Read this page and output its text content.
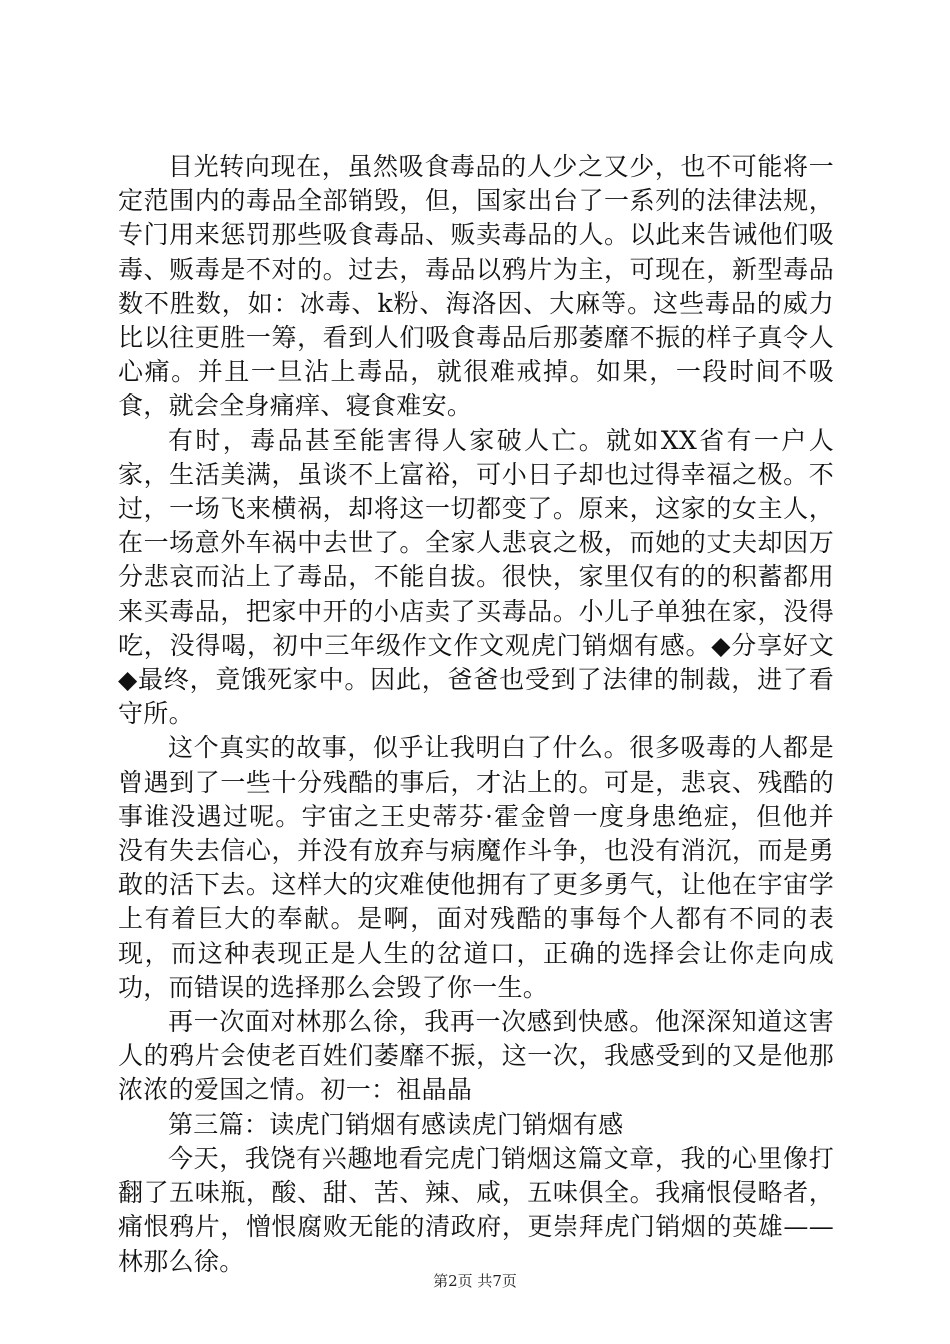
目光转向现在，虽然吸食毒品的人少之又少，也不可能将一定范围内的毒品全部销毁，但，国家出台了一系列的法律法规，专门用来惩罚那些吸食毒品、贩卖毒品的人。以此来告诫他们吸毒、贩毒是不对的。过去，毒品以鸦片为主，可现在，新型毒品数不胜数，如：冰毒、k粉、海洛因、大麻等。这些毒品的威力比以往更胜一筹，看到人们吸食毒品后那萎靡不振的样子真令人心痛。并且一旦沾上毒品，就很难戒掉。如果，一段时间不吸食，就会全身痛痒、寝食难安。

有时，毒品甚至能害得人家破人亡。就如XX省有一户人家，生活美满，虽谈不上富裕，可小日子却也过得幸福之极。不过，一场飞来横祸，却将这一切都变了。原来，这家的女主人，在一场意外车祸中去世了。全家人悲哀之极，而她的丈夫却因万分悲哀而沾上了毒品，不能自拔。很快，家里仅有的的积蓄都用来买毒品，把家中开的小店卖了买毒品。小儿子单独在家，没得吃，没得喝，初中三年级作文作文观虎门销烟有感。◆分享好文◆最终，竟饿死家中。因此，爸爸也受到了法律的制裁，进了看守所。

这个真实的故事，似乎让我明白了什么。很多吸毒的人都是曾遇到了一些十分残酷的事后，才沾上的。可是，悲哀、残酷的事谁没遇过呢。宇宙之王史蒂芬·霍金曾一度身患绝症，但他并没有失去信心，并没有放弃与病魔作斗争，也没有消沉，而是勇敢的活下去。这样大的灾难使他拥有了更多勇气，让他在宇宙学上有着巨大的奉献。是啊，面对残酷的事每个人都有不同的表现，而这种表现正是人生的岔道口，正确的选择会让你走向成功，而错误的选择那么会毁了你一生。

再一次面对林那么徐，我再一次感到快感。他深深知道这害人的鸦片会使老百姓们萎靡不振，这一次，我感受到的又是他那浓浓的爱国之情。初一：祖晶晶

第三篇：读虎门销烟有感读虎门销烟有感

今天，我饶有兴趣地看完虎门销烟这篇文章，我的心里像打翻了五味瓶，酸、甜、苦、辣、咸，五味俱全。我痛恨侵略者，痛恨鸦片，憎恨腐败无能的清政府，更崇拜虎门销烟的英雄——林那么徐。

第2页 共7页
